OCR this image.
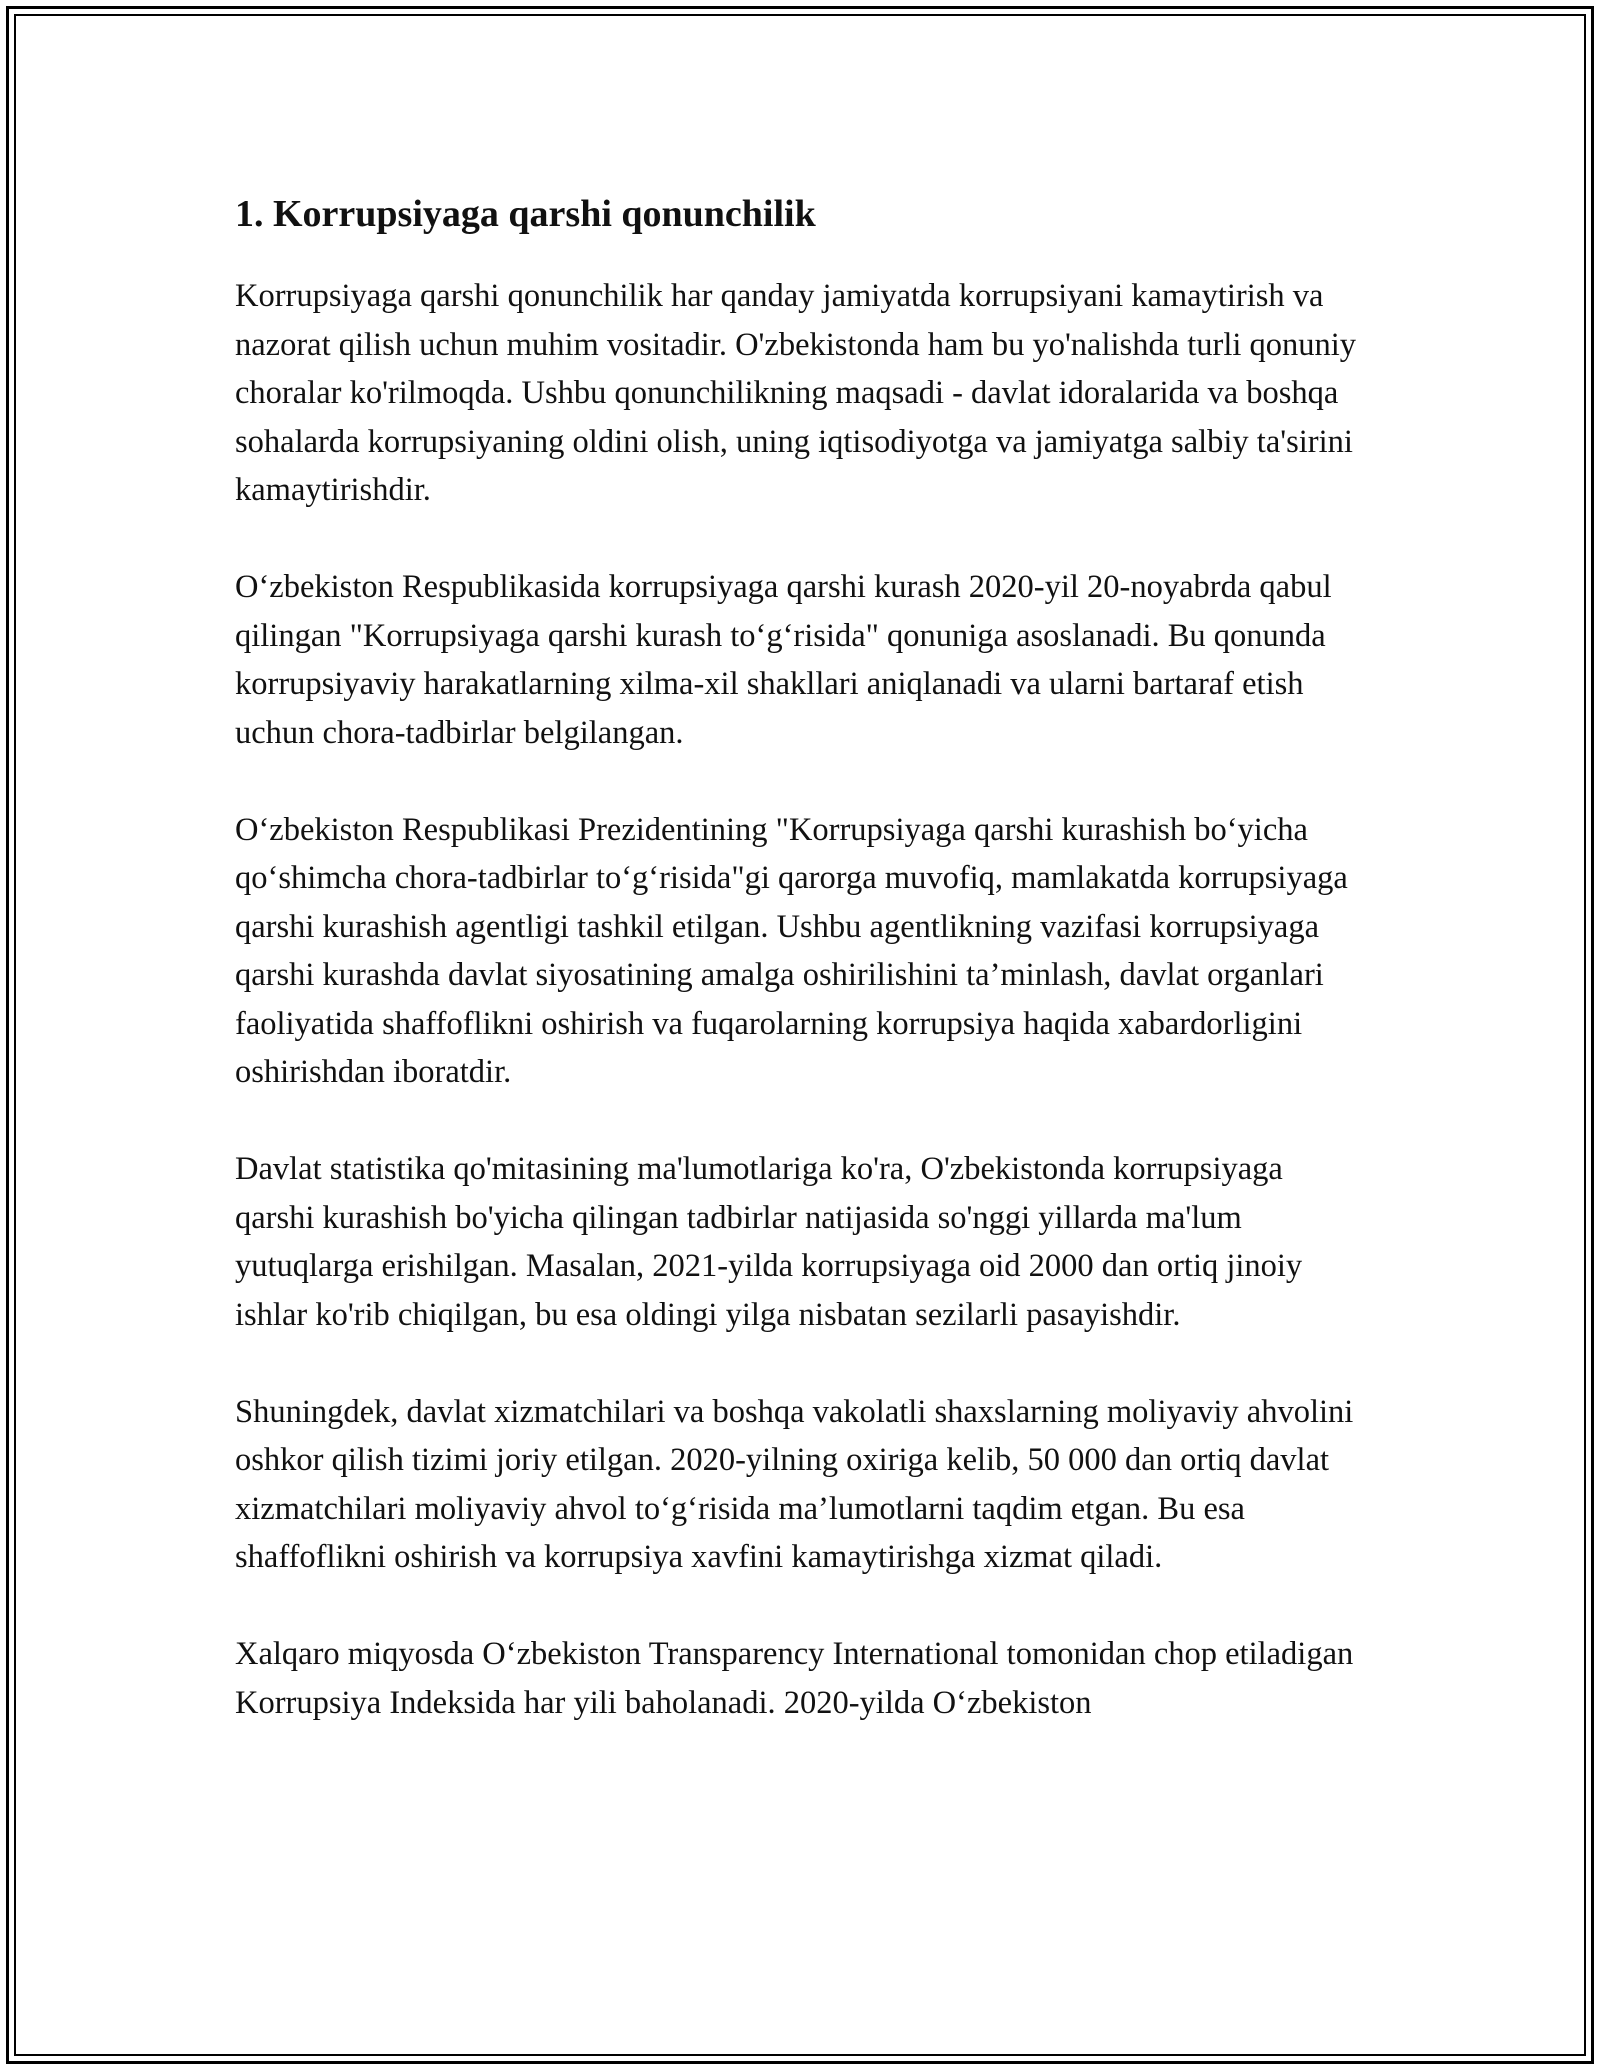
1. Korrupsiyaga qarshi qonunchilik

Korrupsiyaga qarshi qonunchilik har qanday jamiyatda korrupsiyani kamaytirish va nazorat qilish uchun muhim vositadir. O'zbekistonda ham bu yo'nalishda turli qonuniy choralar ko'rilmoqda. Ushbu qonunchilikning maqsadi - davlat idoralarida va boshqa sohalarda korrupsiyaning oldini olish, uning iqtisodiyotga va jamiyatga salbiy ta'sirini kamaytirishdir.

O‘zbekiston Respublikasida korrupsiyaga qarshi kurash 2020-yil 20-noyabrda qabul qilingan "Korrupsiyaga qarshi kurash to‘g‘risida" qonuniga asoslanadi. Bu qonunda korrupsiyaviy harakatlarning xilma-xil shakllari aniqlanadi va ularni bartaraf etish uchun chora-tadbirlar belgilangan.

O‘zbekiston Respublikasi Prezidentining "Korrupsiyaga qarshi kurashish bo‘yicha qo‘shimcha chora-tadbirlar to‘g‘risida"gi qarorga muvofiq, mamlakatda korrupsiyaga qarshi kurashish agentligi tashkil etilgan. Ushbu agentlikning vazifasi korrupsiyaga qarshi kurashda davlat siyosatining amalga oshirilishini ta’minlash, davlat organlari faoliyatida shaffoflikni oshirish va fuqarolarning korrupsiya haqida xabardorligini oshirishdan iboratdir.

Davlat statistika qo'mitasining ma'lumotlariga ko'ra, O'zbekistonda korrupsiyaga qarshi kurashish bo'yicha qilingan tadbirlar natijasida so'nggi yillarda ma'lum yutuqlarga erishilgan. Masalan, 2021-yilda korrupsiyaga oid 2000 dan ortiq jinoiy ishlar ko'rib chiqilgan, bu esa oldingi yilga nisbatan sezilarli pasayishdir.

Shuningdek, davlat xizmatchilari va boshqa vakolatli shaxslarning moliyaviy ahvolini oshkor qilish tizimi joriy etilgan. 2020-yilning oxiriga kelib, 50 000 dan ortiq davlat xizmatchilari moliyaviy ahvol to‘g‘risida ma’lumotlarni taqdim etgan. Bu esa shaffoflikni oshirish va korrupsiya xavfini kamaytirishga xizmat qiladi.

Xalqaro miqyosda O‘zbekiston Transparency International tomonidan chop etiladigan Korrupsiya Indeksida har yili baholanadi. 2020-yilda O‘zbekiston
